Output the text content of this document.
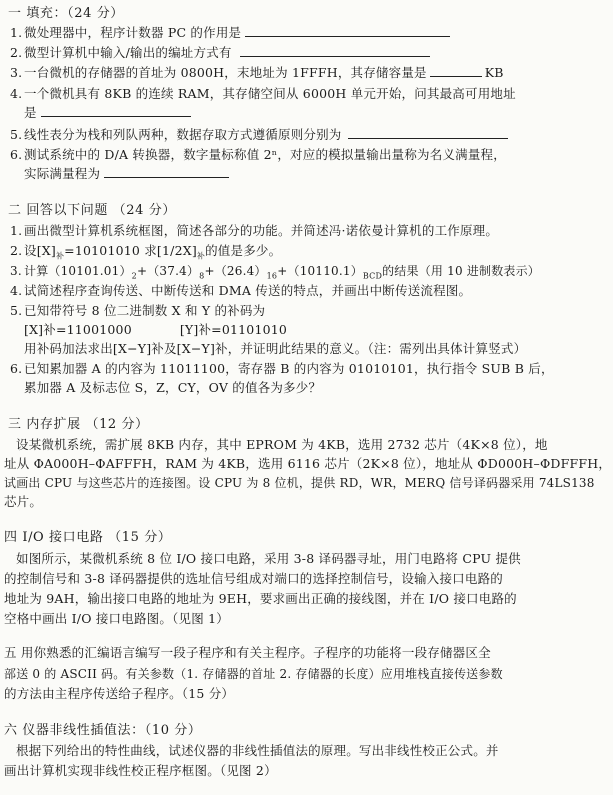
一 填充：（24 分）
1. 微处理器中，程序计数器 PC 的作用是
2. 微型计算机中输入/输出的编址方式有
3. 一台微机的存储器的首址为 0800H，末地址为 1FFFH，其存储容量是	KB
4. 一个微机具有 8KB 的连续 RAM，其存储空间从 6000H 单元开始，问其最高可用地址
是
5. 线性表分为栈和列队两种，数据存取方式遵循原则分别为
6. 测试系统中的 D/A 转换器，数字量标称值 2ⁿ，对应的模拟量输出量称为名义满量程，
实际满量程为
二 回答以下问题 （24 分）
1. 画出微型计算机系统框图，简述各部分的功能。并简述冯·诺依曼计算机的工作原理。
2. 设$[X]_补=10101010$ 求$[1/2X]_补$的值是多少。
3. 计算$(10101.01)_2+(37.4)_8+(26.4)_{16}+(10110.1)_{BCD}$的结果（用 10 进制数表示）
4. 试简述程序查询传送、中断传送和 DMA 传送的特点，并画出中断传送流程图。
5. 已知带符号 8 位二进制数 X 和 Y 的补码为
[X]补=11001000	[Y]补=01101010
用补码加法求出[X−Y]补及[X−Y]补，并证明此结果的意义。（注：需列出具体计算竖式）
6. 已知累加器 A 的内容为 11011100，寄存器 B 的内容为 01010101，执行指令 SUB B 后，
累加器 A 及标志位 S，Z，CY，OV 的值各为多少？
三 内存扩展 （12 分）
设某微机系统，需扩展 8KB 内存，其中 EPROM 为 4KB，选用 2732 芯片（4K×8 位），地
址从 ΦA000H–ΦAFFFH，RAM 为 4KB，选用 6116 芯片（2K×8 位），地址从 ΦD000H–ΦDFFFH，
试画出 CPU 与这些芯片的连接图。设 CPU 为 8 位机，提供 RD，WR，MERQ 信号译码器采用 74LS138
芯片。
四 I/O 接口电路 （15 分）
如图所示，某微机系统 8 位 I/O 接口电路，采用 3-8 译码器寻址，用门电路将 CPU 提供
的控制信号和 3-8 译码器提供的选址信号组成对端口的选择控制信号，设输入接口电路的
地址为 9AH，输出接口电路的地址为 9EH，要求画出正确的接线图，并在 I/O 接口电路的
空格中画出 I/O 接口电路图。（见图 1）
五 用你熟悉的汇编语言编写一段子程序和有关主程序。子程序的功能将一段存储器区全
部送 0 的 ASCII 码。有关参数（1. 存储器的首址 2. 存储器的长度）应用堆栈直接传送参数
的方法由主程序传送给子程序。（15 分）
六 仪器非线性插值法：（10 分）
根据下列给出的特性曲线，试述仪器的非线性插值法的原理。写出非线性校正公式。并
画出计算机实现非线性校正程序框图。（见图 2）
